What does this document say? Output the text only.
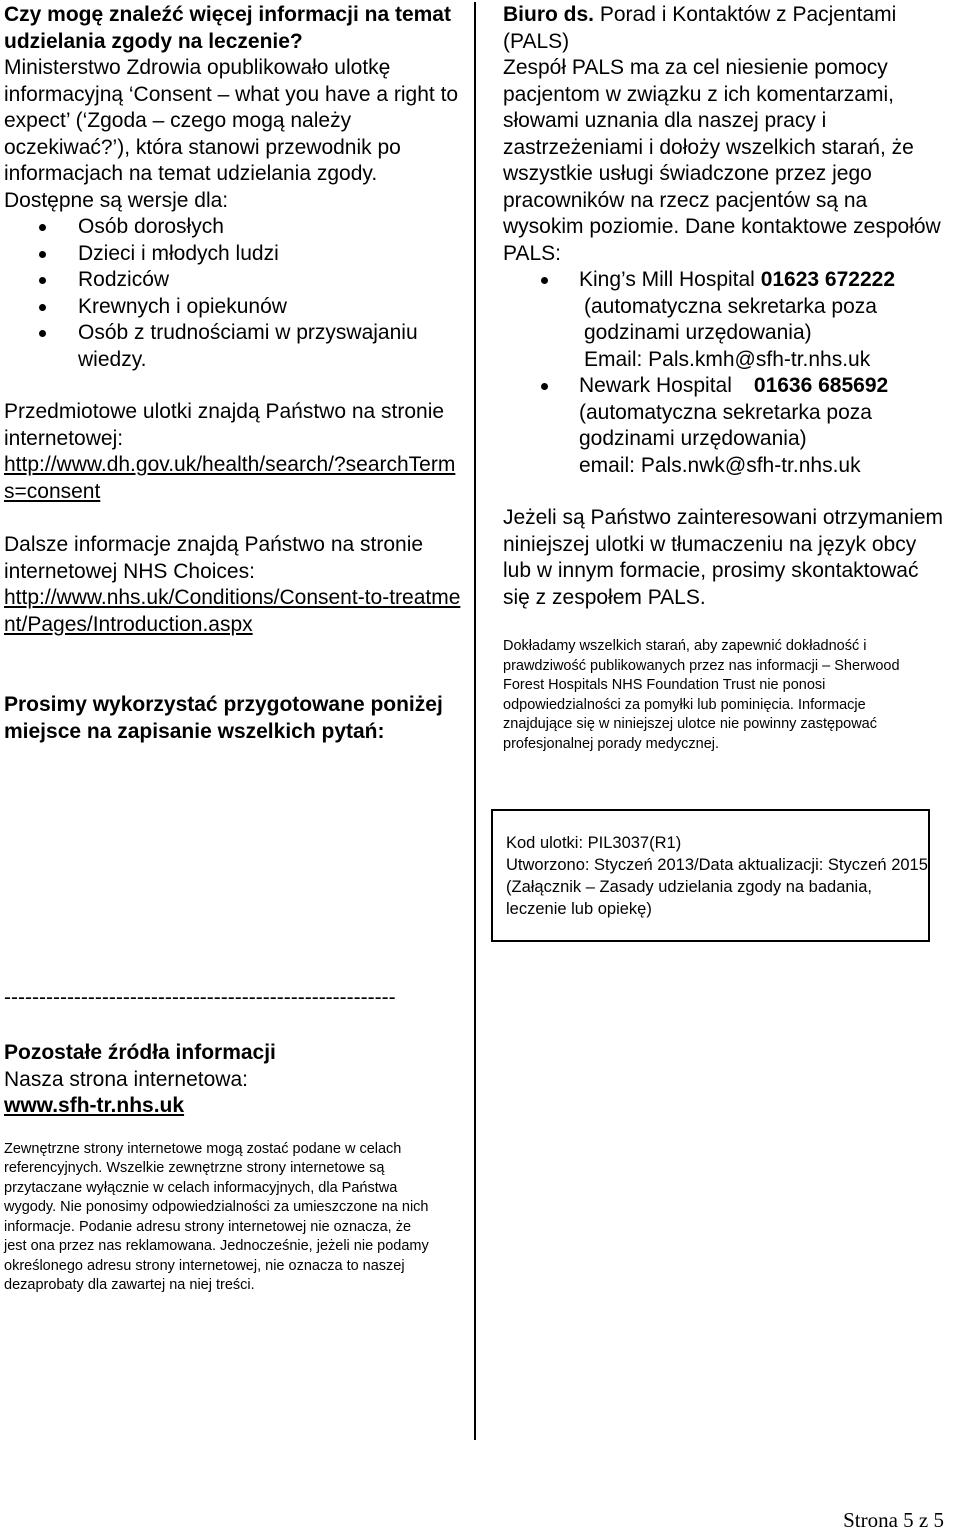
Czy mogę znaleźć więcej informacji na temat udzielania zgody na leczenie?

Ministerstwo Zdrowia opublikowało ulotkę informacyjną ‘Consent – what you have a right to expect’ (‘Zgoda – czego mogą należy oczekiwać?’), która stanowi przewodnik po informacjach na temat udzielania zgody. Dostępne są wersje dla:

Osób dorosłych
Dzieci i młodych ludzi
Rodziców
Krewnych i opiekunów
Osób z trudnościami w przyswajaniu wiedzy.

Przedmiotowe ulotki znajdą Państwo na stronie internetowej:

http://www.dh.gov.uk/health/search/?searchTerms=consent

Dalsze informacje znajdą Państwo na stronie internetowej NHS Choices:

http://www.nhs.uk/Conditions/Consent-to-treatment/Pages/Introduction.aspx

Prosimy wykorzystać przygotowane poniżej miejsce na zapisanie wszelkich pytań:

Biuro ds. Porad i Kontaktów z Pacjentami (PALS)

Zespół PALS ma za cel niesienie pomocy pacjentom w związku z ich komentarzami, słowami uznania dla naszej pracy i zastrzeżeniami i dołoży wszelkich starań, że wszystkie usługi świadczone przez jego pracowników na rzecz pacjentów są na wysokim poziomie. Dane kontaktowe zespołów PALS:

King’s Mill Hospital 01623 672222
(automatyczna sekretarka poza godzinami urzędowania)
Email: Pals.kmh@sfh-tr.nhs.uk
Newark Hospital 01636 685692
(automatyczna sekretarka poza godzinami urzędowania)
email: Pals.nwk@sfh-tr.nhs.uk

Jeżeli są Państwo zainteresowani otrzymaniem niniejszej ulotki w tłumaczeniu na język obcy lub w innym formacie, prosimy skontaktować się z zespołem PALS.

Dokładamy wszelkich starań, aby zapewnić dokładność i prawdziwość publikowanych przez nas informacji – Sherwood Forest Hospitals NHS Foundation Trust nie ponosi odpowiedzialności za pomyłki lub pominięcia. Informacje znajdujące się w niniejszej ulotce nie powinny zastępować profesjonalnej porady medycznej.

Kod ulotki: PIL3037(R1)
Utworzono: Styczeń 2013/Data aktualizacji: Styczeń 2015
(Załącznik – Zasady udzielania zgody na badania, leczenie lub opiekę)
--------------------------------------------------------

Pozostałe źródła informacji

Nasza strona internetowa:

www.sfh-tr.nhs.uk

Zewnętrzne strony internetowe mogą zostać podane w celach referencyjnych. Wszelkie zewnętrzne strony internetowe są przytaczane wyłącznie w celach informacyjnych, dla Państwa wygody. Nie ponosimy odpowiedzialności za umieszczone na nich informacje. Podanie adresu strony internetowej nie oznacza, że jest ona przez nas reklamowana. Jednocześnie, jeżeli nie podamy określonego adresu strony internetowej, nie oznacza to naszej dezaprobaty dla zawartej na niej treści.

Strona 5 z 5
